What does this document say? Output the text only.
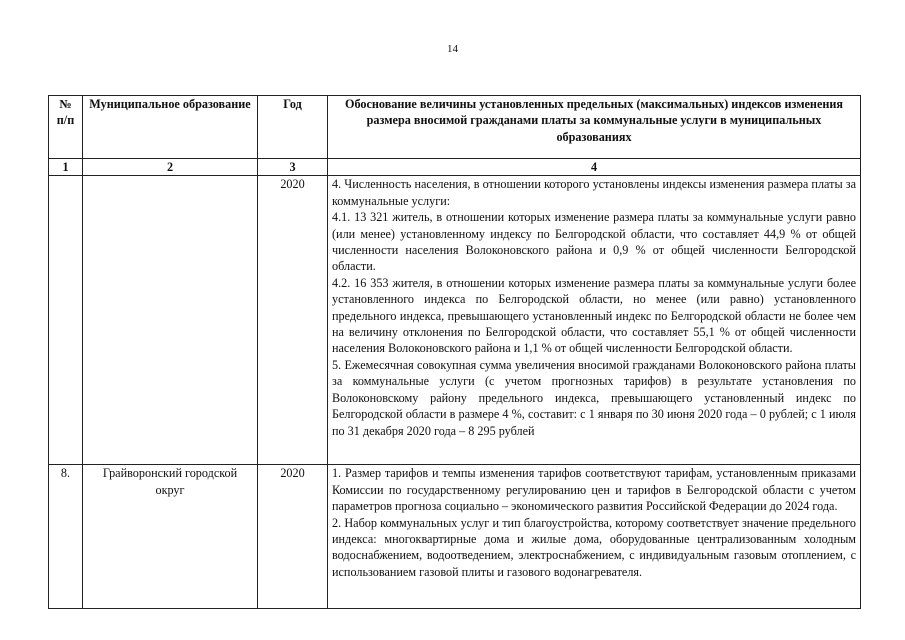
14
№ п/п	Муниципальное образование	Год	Обоснование величины установленных предельных (максимальных) индексов изменения размера вносимой гражданами платы за коммунальные услуги в муниципальных образованиях
1	2	3	4
		2020	4. Численность населения, в отношении которого установлены индексы изменения размера платы за коммунальные услуги:

4.1. 13 321 житель, в отношении которых изменение размера платы за коммунальные услуги равно (или менее) установленному индексу по Белгородской области, что составляет 44,9 % от общей численности населения Волоконовского района и 0,9 % от общей численности Белгородской области.

4.2. 16 353 жителя, в отношении которых изменение размера платы за коммунальные услуги более установленного индекса по Белгородской области, но менее (или равно) установленного предельного индекса, превышающего установленный индекс по Белгородской области не более чем на величину отклонения по Белгородской области, что составляет 55,1 % от общей численности населения Волоконовского района и 1,1 % от общей численности Белгородской области.

5. Ежемесячная совокупная сумма увеличения вносимой гражданами Волоконовского района платы за коммунальные услуги (с учетом прогнозных тарифов) в результате установления по Волоконовскому району предельного индекса, превышающего установленный индекс по Белгородской области в размере 4 %, составит: с 1 января по 30 июня 2020 года – 0 рублей; с 1 июля по 31 декабря 2020 года – 8 295 рублей

8.	Грайворонский городской округ	2020	1. Размер тарифов и темпы изменения тарифов соответствуют тарифам, установленным приказами Комиссии по государственному регулированию цен и тарифов в Белгородской области с учетом параметров прогноза социально – экономического развития Российской Федерации до 2024 года.

2. Набор коммунальных услуг и тип благоустройства, которому соответствует значение предельного индекса: многоквартирные дома и жилые дома, оборудованные централизованным холодным водоснабжением, водоотведением, электроснабжением, с индивидуальным газовым отоплением, с использованием газовой плиты и газового водонагревателя.
